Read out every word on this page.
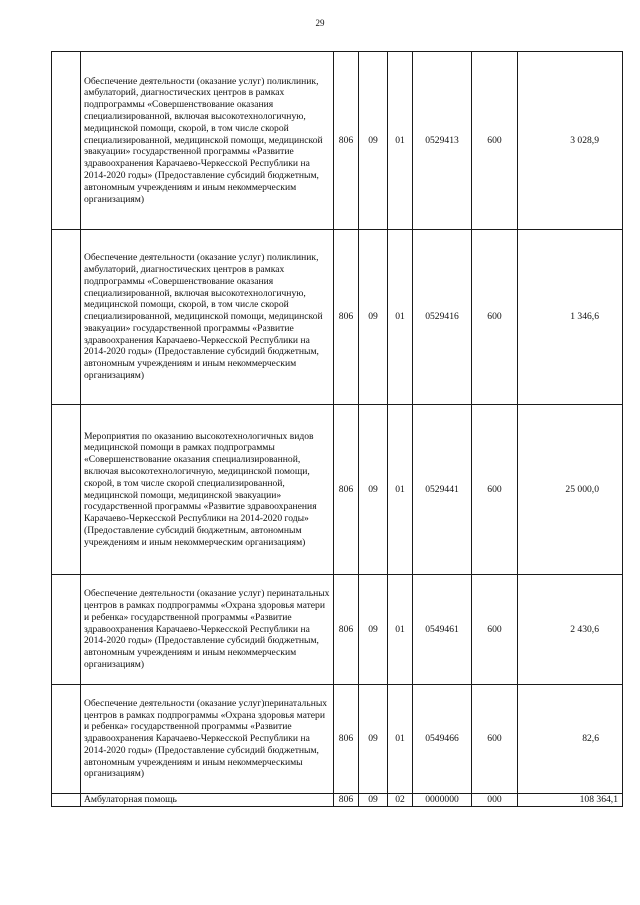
29
	Обеспечение деятельности (оказание услуг) поликлиник, амбулаторий, диагностических центров в рамках подпрограммы «Совершенствование оказания специализированной, включая высокотехнологичную, медицинской помощи, скорой, в том числе скорой специализированной, медицинской помощи, медицинской эвакуации» государственной программы «Развитие здравоохранения Карачаево-Черкесской Республики на 2014-2020 годы» (Предоставление субсидий бюджетным, автономным учреждениям и иным некоммерческим организациям)	806	09	01	0529413	600	3 028,9
	Обеспечение деятельности (оказание услуг) поликлиник, амбулаторий, диагностических центров в рамках подпрограммы «Совершенствование оказания специализированной, включая высокотехнологичную, медицинской помощи, скорой, в том числе скорой специализированной, медицинской помощи, медицинской эвакуации» государственной программы «Развитие здравоохранения Карачаево-Черкесской Республики на 2014-2020 годы» (Предоставление субсидий бюджетным, автономным учреждениям и иным некоммерческим организациям)	806	09	01	0529416	600	1 346,6
	Мероприятия по оказанию высокотехнологичных видов медицинской помощи в рамках подпрограммы «Совершенствование оказания специализированной, включая высокотехнологичную, медицинской помощи, скорой, в том числе скорой специализированной, медицинской помощи, медицинской эвакуации» государственной программы «Развитие здравоохранения Карачаево-Черкесской Республики на 2014-2020 годы» (Предоставление субсидий бюджетным, автономным учреждениям и иным некоммерческим организациям)	806	09	01	0529441	600	25 000,0
	Обеспечение деятельности (оказание услуг) перинатальных центров в рамках подпрограммы «Охрана здоровья матери и ребенка» государственной программы «Развитие здравоохранения Карачаево-Черкесской Республики на 2014-2020 годы» (Предоставление субсидий бюджетным, автономным учреждениям и иным некоммерческим организациям)	806	09	01	0549461	600	2 430,6
	Обеспечение деятельности (оказание услуг)перинатальных центров в рамках подпрограммы «Охрана здоровья матери и ребенка» государственной программы «Развитие здравоохранения Карачаево-Черкесской Республики на 2014-2020 годы» (Предоставление субсидий бюджетным, автономным учреждениям и иным некоммерческимы организациям)	806	09	01	0549466	600	82,6
	Амбулаторная помощь	806	09	02	0000000	000	108 364,1
